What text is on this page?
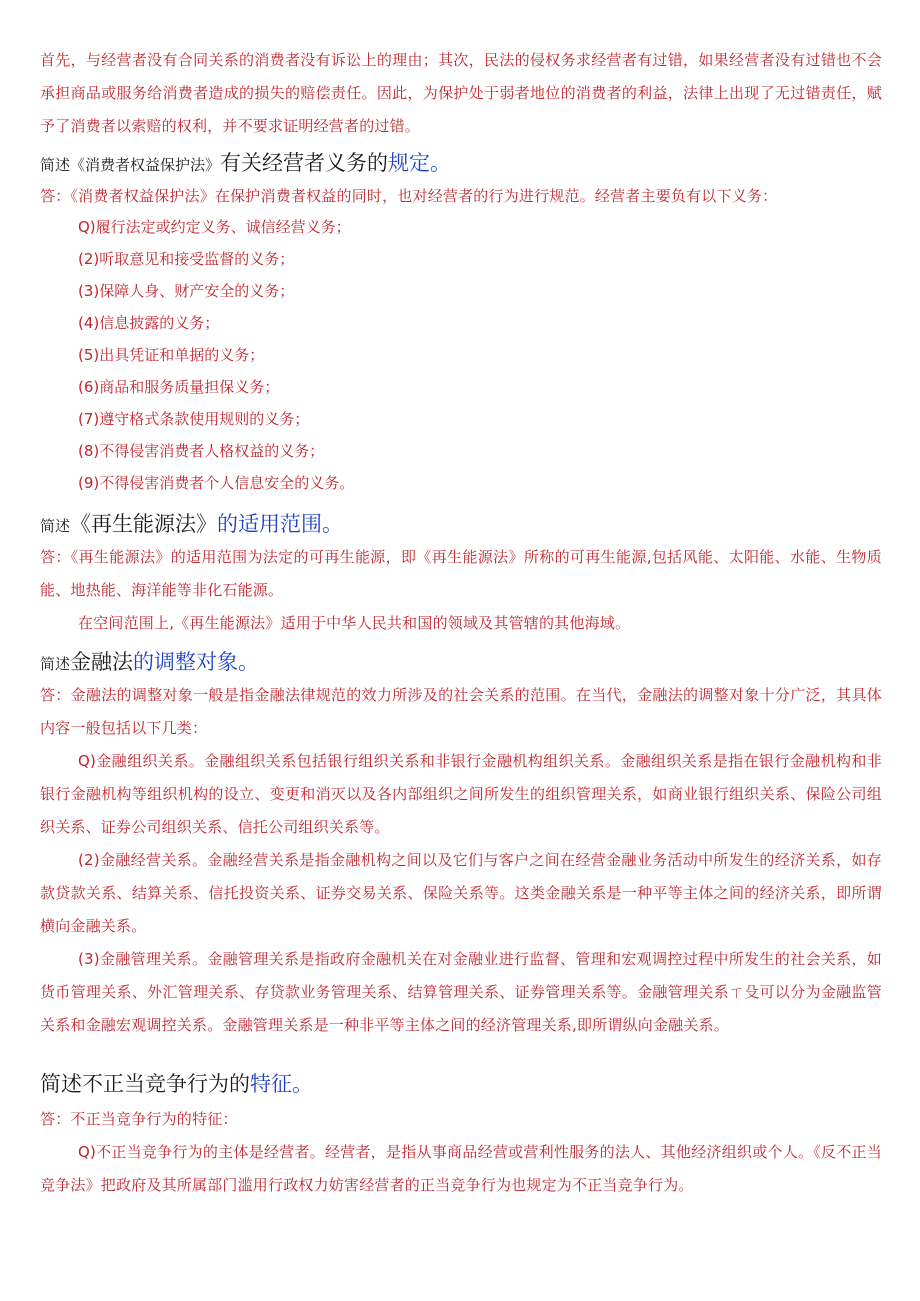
首先，与经营者没有合同关系的消费者没有诉讼上的理由；其次，民法的侵权务求经营者有过错，如果经营者没有过错也不会承担商品或服务给消费者造成的损失的赔偿责任。因此，为保护处于弱者地位的消费者的利益，法律上出现了无过错责任，赋予了消费者以索赔的权利，并不要求证明经营者的过错。

简述《消费者权益保护法》有关经营者义务的规定。

答：《消费者权益保护法》在保护消费者权益的同时，也对经营者的行为进行规范。经营者主要负有以下义务：

Q)履行法定或约定义务、诚信经营义务；

(2)听取意见和接受监督的义务；

(3)保障人身、财产安全的义务；

(4)信息披露的义务；

(5)出具凭证和单据的义务；

(6)商品和服务质量担保义务；

(7)遵守格式条款使用规则的义务；

(8)不得侵害消费者人格权益的义务；

(9)不得侵害消费者个人信息安全的义务。

简述《再生能源法》的适用范围。

答：《再生能源法》的适用范围为法定的可再生能源，即《再生能源法》所称的可再生能源,包括风能、太阳能、水能、生物质能、地热能、海洋能等非化石能源。

在空间范围上,《再生能源法》适用于中华人民共和国的领域及其管辖的其他海域。

简述金融法的调整对象。

答：金融法的调整对象一般是指金融法律规范的效力所涉及的社会关系的范围。在当代，金融法的调整对象十分广泛，其具体内容一般包括以下几类：

Q)金融组织关系。金融组织关系包括银行组织关系和非银行金融机构组织关系。金融组织关系是指在银行金融机构和非银行金融机构等组织机构的设立、变更和消灭以及各内部组织之间所发生的组织管理关系，如商业银行组织关系、保险公司组织关系、证券公司组织关系、信托公司组织关系等。

(2)金融经营关系。金融经营关系是指金融机构之间以及它们与客户之间在经营金融业务活动中所发生的经济关系，如存款贷款关系、结算关系、信托投资关系、证券交易关系、保险关系等。这类金融关系是一种平等主体之间的经济关系，即所谓横向金融关系。

(3)金融管理关系。金融管理关系是指政府金融机关在对金融业进行监督、管理和宏观调控过程中所发生的社会关系，如货币管理关系、外汇管理关系、存贷款业务管理关系、结算管理关系、证券管理关系等。金融管理关系ㄒ殳可以分为金融监管关系和金融宏观调控关系。金融管理关系是一种非平等主体之间的经济管理关系,即所谓纵向金融关系。

简述不正当竞争行为的特征。

答：不正当竞争行为的特征：

Q)不正当竞争行为的主体是经营者。经营者，是指从事商品经营或营利性服务的法人、其他经济组织或个人。《反不正当竞争法》把政府及其所属部门滥用行政权力妨害经营者的正当竞争行为也规定为不正当竞争行为。
